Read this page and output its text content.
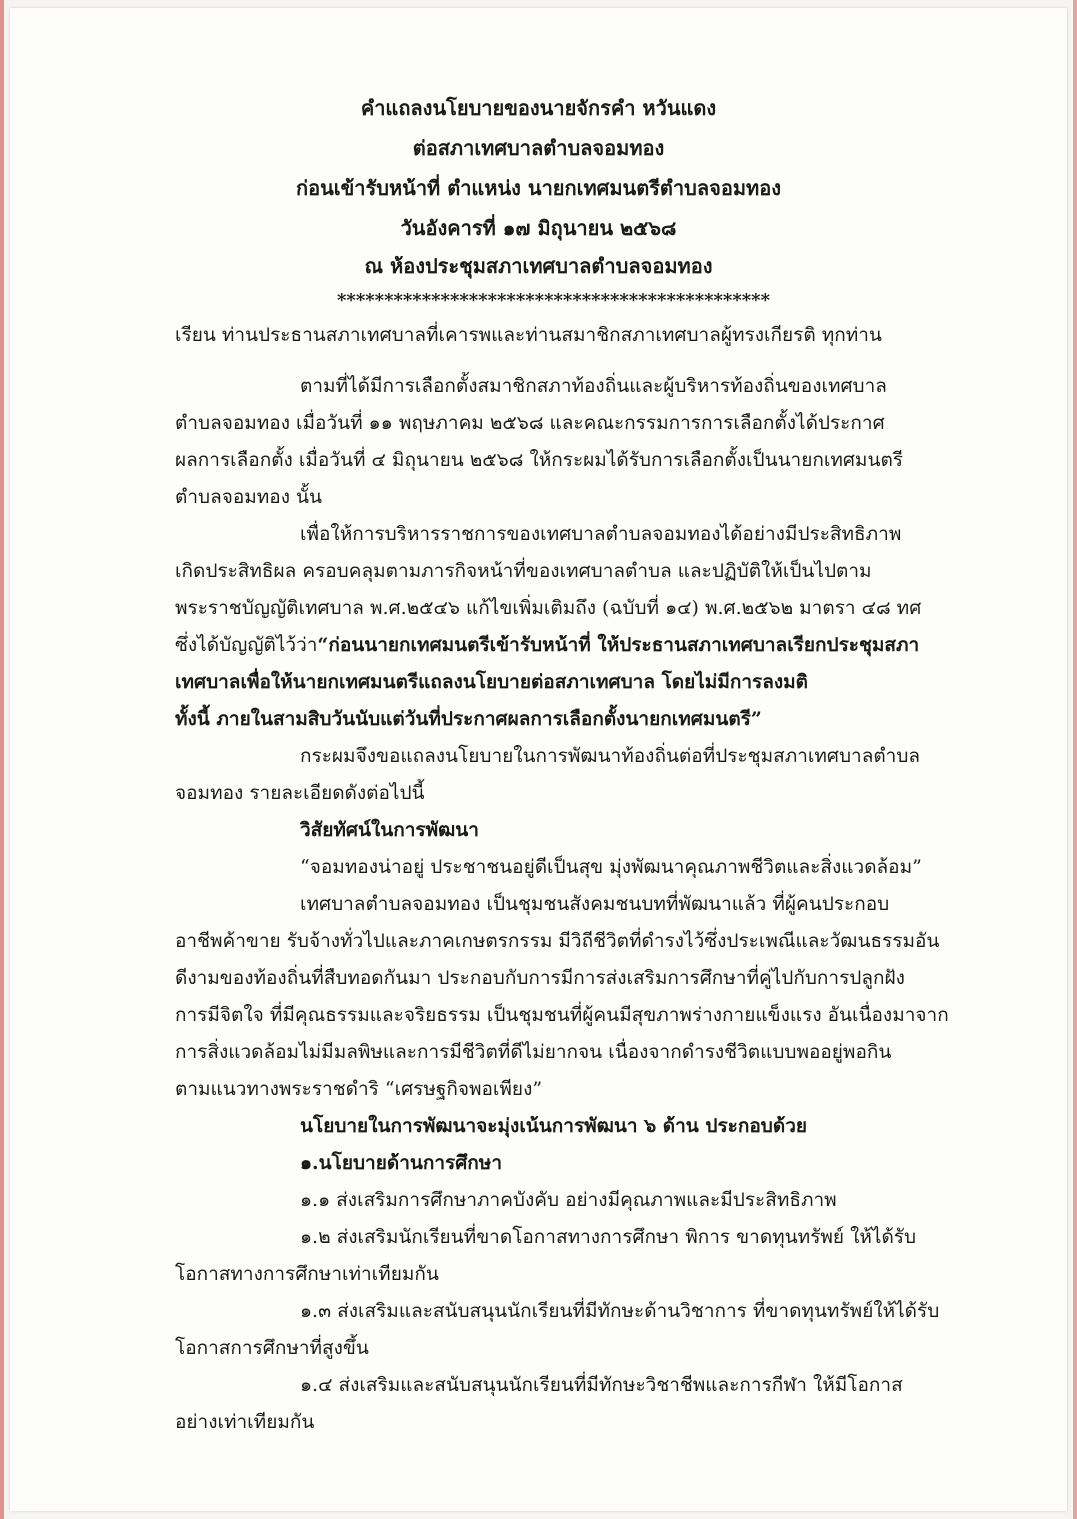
คำแถลงนโยบายของนายจักรคำ หวันแดง
ต่อสภาเทศบาลตำบลจอมทอง
ก่อนเข้ารับหน้าที่ ตำแหน่ง นายกเทศมนตรีตำบลจอมทอง
วันอังคารที่ ๑๗ มิถุนายน ๒๕๖๘
ณ ห้องประชุมสภาเทศบาลตำบลจอมทอง
**********************************************
เรียน ท่านประธานสภาเทศบาลที่เคารพและท่านสมาชิกสภาเทศบาลผู้ทรงเกียรติ ทุกท่าน
ตามที่ได้มีการเลือกตั้งสมาชิกสภาท้องถิ่นและผู้บริหารท้องถิ่นของเทศบาล
ตำบลจอมทอง เมื่อวันที่ ๑๑ พฤษภาคม ๒๕๖๘ และคณะกรรมการการเลือกตั้งได้ประกาศ
ผลการเลือกตั้ง เมื่อวันที่ ๔ มิถุนายน ๒๕๖๘ ให้กระผมได้รับการเลือกตั้งเป็นนายกเทศมนตรี
ตำบลจอมทอง นั้น
เพื่อให้การบริหารราชการของเทศบาลตำบลจอมทองได้อย่างมีประสิทธิภาพ
เกิดประสิทธิผล ครอบคลุมตามภารกิจหน้าที่ของเทศบาลตำบล และปฏิบัติให้เป็นไปตาม
พระราชบัญญัติเทศบาล พ.ศ.๒๕๔๖ แก้ไขเพิ่มเติมถึง (ฉบับที่ ๑๔) พ.ศ.๒๕๖๒ มาตรา ๔๘ ทศ
ซึ่งได้บัญญัติไว้ว่า“ก่อนนายกเทศมนตรีเข้ารับหน้าที่ ให้ประธานสภาเทศบาลเรียกประชุมสภา
เทศบาลเพื่อให้นายกเทศมนตรีแถลงนโยบายต่อสภาเทศบาล โดยไม่มีการลงมติ
ทั้งนี้ ภายในสามสิบวันนับแต่วันที่ประกาศผลการเลือกตั้งนายกเทศมนตรี”
กระผมจึงขอแถลงนโยบายในการพัฒนาท้องถิ่นต่อที่ประชุมสภาเทศบาลตำบล
จอมทอง รายละเอียดดังต่อไปนี้
วิสัยทัศน์ในการพัฒนา
“จอมทองน่าอยู่ ประชาชนอยู่ดีเป็นสุข มุ่งพัฒนาคุณภาพชีวิตและสิ่งแวดล้อม”
เทศบาลตำบลจอมทอง เป็นชุมชนสังคมชนบทที่พัฒนาแล้ว ที่ผู้คนประกอบ
อาชีพค้าขาย รับจ้างทั่วไปและภาคเกษตรกรรม มีวิถีชีวิตที่ดำรงไว้ซึ่งประเพณีและวัฒนธรรมอัน
ดีงามของท้องถิ่นที่สืบทอดกันมา ประกอบกับการมีการส่งเสริมการศึกษาที่คู่ไปกับการปลูกฝัง
การมีจิตใจ ที่มีคุณธรรมและจริยธรรม เป็นชุมชนที่ผู้คนมีสุขภาพร่างกายแข็งแรง อันเนื่องมาจาก
การสิ่งแวดล้อมไม่มีมลพิษและการมีชีวิตที่ดีไม่ยากจน เนื่องจากดำรงชีวิตแบบพออยู่พอกิน
ตามแนวทางพระราชดำริ “เศรษฐกิจพอเพียง”
นโยบายในการพัฒนาจะมุ่งเน้นการพัฒนา ๖ ด้าน ประกอบด้วย
๑.นโยบายด้านการศึกษา
๑.๑ ส่งเสริมการศึกษาภาคบังคับ อย่างมีคุณภาพและมีประสิทธิภาพ
๑.๒ ส่งเสริมนักเรียนที่ขาดโอกาสทางการศึกษา พิการ ขาดทุนทรัพย์ ให้ได้รับ
โอกาสทางการศึกษาเท่าเทียมกัน
๑.๓ ส่งเสริมและสนับสนุนนักเรียนที่มีทักษะด้านวิชาการ ที่ขาดทุนทรัพย์ให้ได้รับ
โอกาสการศึกษาที่สูงขึ้น
๑.๔ ส่งเสริมและสนับสนุนนักเรียนที่มีทักษะวิชาชีพและการกีฬา ให้มีโอกาส
อย่างเท่าเทียมกัน
